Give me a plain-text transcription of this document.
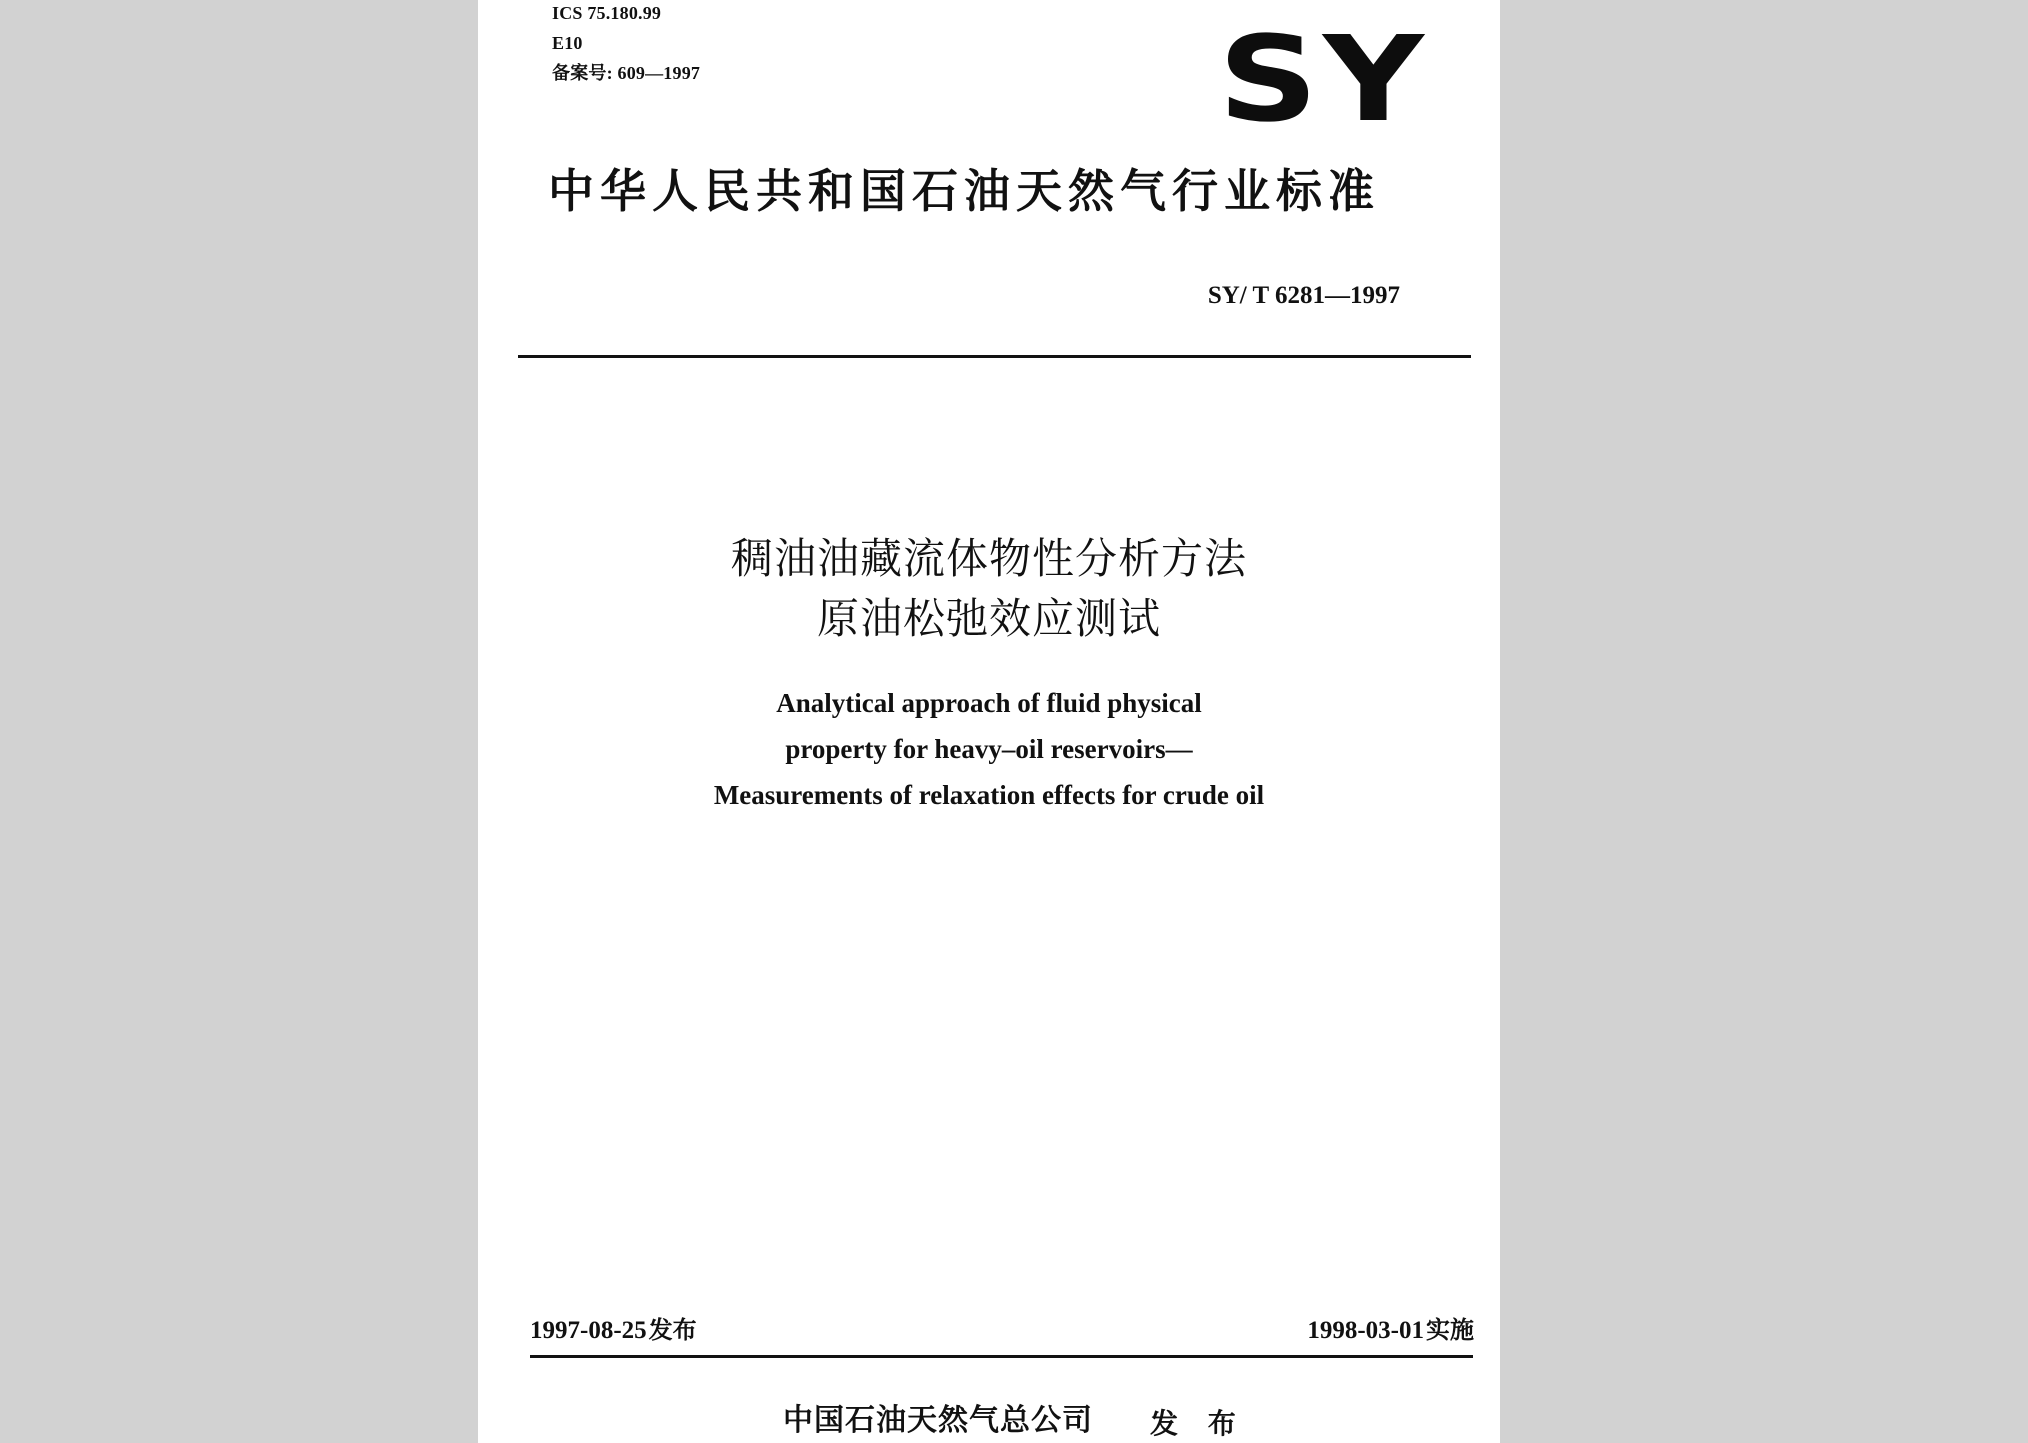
ICS 75.180.99
E10
备案号: 609—1997	SY
中华人民共和国石油天然气行业标准
SY/ T 6281—1997
稠油油藏流体物性分析方法
原油松弛效应测试
Analytical approach of fluid physical
property for heavy–oil reservoirs—
Measurements of relaxation effects for crude oil
1997-08-25发布	1998-03-01实施
中国石油天然气总公司 发 布
